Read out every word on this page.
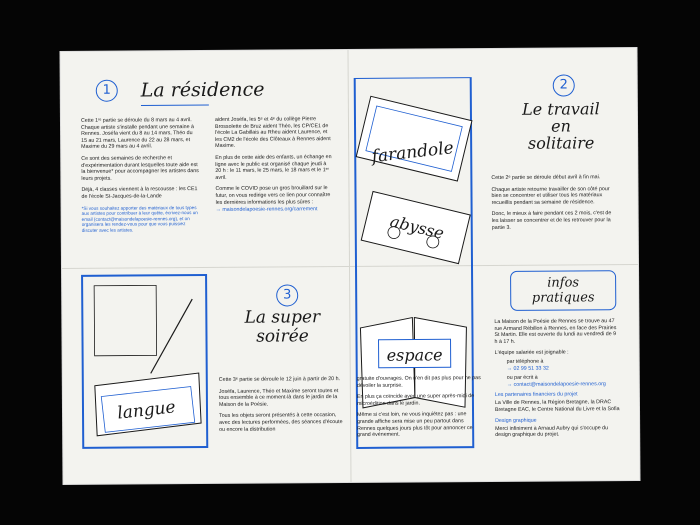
1	La résidence

Cette 1ʳᵉ partie se déroule du 8 mars au 4 avril. Chaque artiste s'installe pendant une semaine à Rennes. Joséfa vient du 8 au 14 mars, Théo du 15 au 21 mars, Laurence du 22 au 28 mars, et Maxime du 29 mars au 4 avril.

Ce sont des semaines de recherche et d'expérimentation durant lesquelles toute aide est la bienvenue* pour accompagner les artistes dans leurs projets.

Déjà, 4 classes viennent à la rescousse : les CE1 de l'école St-Jacques-de-la-Lande

*Si vous souhaitez apporter des matériaux de tous types aux artistes pour contribuer à leur quête, écrivez-nous un email (contact@maisondelapoesie-rennes.org), et on organisera les rendez-vous pour que vous puissiez discuter avec les artistes.

aident Joséfa, les 5ᵉ et 4ᵉ du collège Pierre Brossolette de Bruz aident Théo, les CP/CE1 de l'école La Gabillais au Rheu aident Laurence, et les CM2 de l'école des Clôteaux à Rennes aident Maxime.

En plus de cette aide des enfants, un échange en ligne avec le public est organisé chaque jeudi à 20 h : le 11 mars, le 25 mars, le 18 mars et le 1ᵉʳ avril.

Comme le COVID pose un gros brouillard sur le futur, on vous redirige vers ce lien pour connaître les dernières informations les plus sûres :

→ maisondelapoesie-rennes.org/carrement

farandole
abysse
espace
2
Le travail
en
solitaire

Cette 2ᵉ partie se déroule début avril à fin mai.

Chaque artiste retourne travailler de son côté pour bien se concentrer et utiliser tous les matériaux recueillis pendant sa semaine de résidence.

Donc, le mieux à faire pendant ces 2 mois, c'est de les laisser se concentrer et de les retrouver pour la partie 3.

langue
3
La super
soirée

Cette 3ᵉ partie se déroule le 12 juin à partir de 20 h.

Joséfa, Laurence, Théo et Maxime seront toutes et tous ensemble à ce moment-là dans le jardin de la Maison de la Poésie.

Tous les objets seront présentés à cette occasion, avec des lectures performées, des séances d'écoute ou encore la distribution

gratuite d'ouvrages. On n'en dit pas plus pour ne pas dévoiler la surprise.

En plus ça coïncide avec une super après-midi de microédition dans le jardin.

Même si c'est loin, ne vous inquiétez pas : une grande affiche sera mise un peu partout dans Rennes quelques jours plus tôt pour annoncer ce grand événement.

infos
pratiques

La Maison de la Poésie de Rennes se trouve au 47 rue Armand Rébillon à Rennes, en face des Prairies St Martin. Elle est ouverte du lundi au vendredi de 9 h à 17 h.

L'équipe salariée est joignable :

par téléphone à

→ 02 99 51 33 32

ou par écrit à

→ contact@maisondelapoesie-rennes.org

Les partenaires financiers du projet

La Ville de Rennes, la Région Bretagne, la DRAC Bretagne EAC, le Centre National du Livre et la Sofia

Design graphique

Merci infiniment à Arnaud Aubry qui s'occupe du design graphique du projet.
